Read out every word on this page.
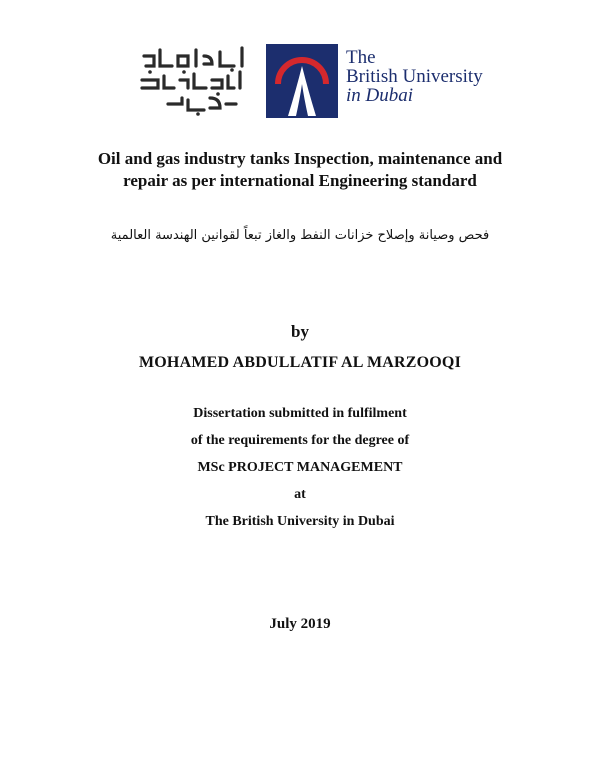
The
British University
in Dubai
Oil and gas industry tanks Inspection, maintenance and
repair as per international Engineering standard
فحص وصيانة وإصلاح خزانات النفط والغاز تبعاً لقوانين الهندسة العالمية
by
MOHAMED ABDULLATIF AL MARZOOQI
Dissertation submitted in fulfilment
of the requirements for the degree of
MSc PROJECT MANAGEMENT
at
The British University in Dubai
July 2019
